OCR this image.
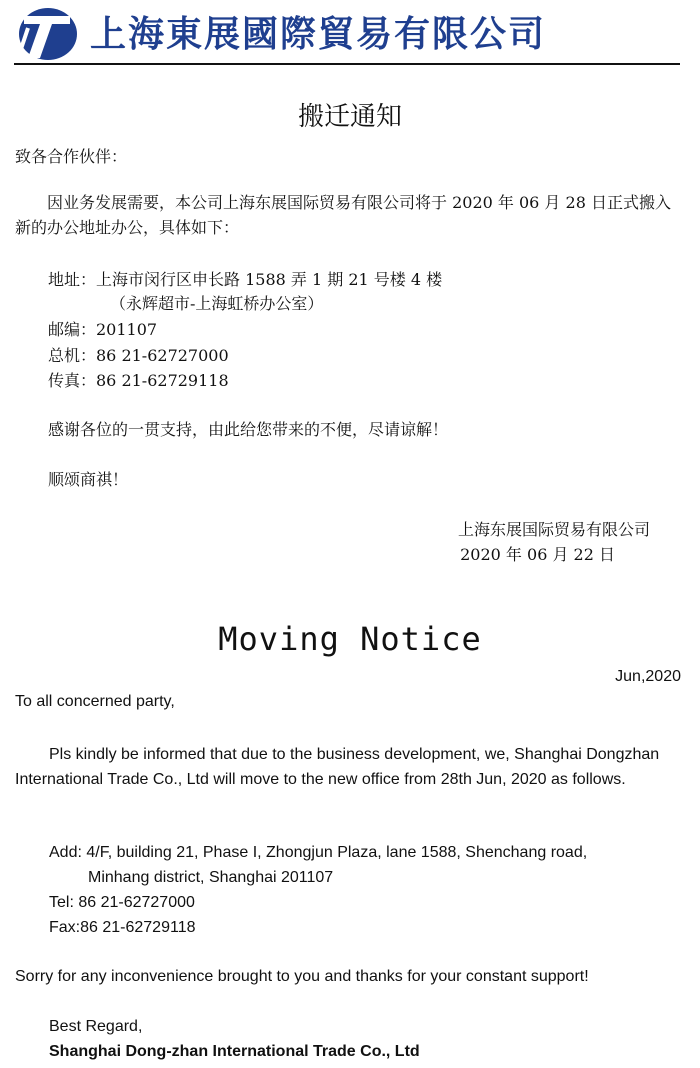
上海東展國際貿易有限公司
搬迁通知
致各合作伙伴：
因业务发展需要，本公司上海东展国际贸易有限公司将于 2020 年 06 月 28 日正式搬入新的办公地址办公，具体如下：
地址：上海市闵行区申长路 1588 弄 1 期 21 号楼 4 楼
（永辉超市-上海虹桥办公室）
邮编：201107
总机：86 21-62727000
传真：86 21-62729118
感谢各位的一贯支持，由此给您带来的不便，尽请谅解！
顺颂商祺！
上海东展国际贸易有限公司
2020 年 06 月 22 日
Moving Notice
Jun,2020
To all concerned party,
Pls kindly be informed that due to the business development, we, Shanghai Dongzhan International Trade Co., Ltd will move to the new office from 28th Jun, 2020 as follows.
Add: 4/F, building 21, Phase I, Zhongjun Plaza, lane 1588, Shenchang road,
Minhang district, Shanghai 201107
Tel: 86 21-62727000
Fax:86 21-62729118
Sorry for any inconvenience brought to you and thanks for your constant support!
Best Regard,
Shanghai Dong-zhan International Trade Co., Ltd
